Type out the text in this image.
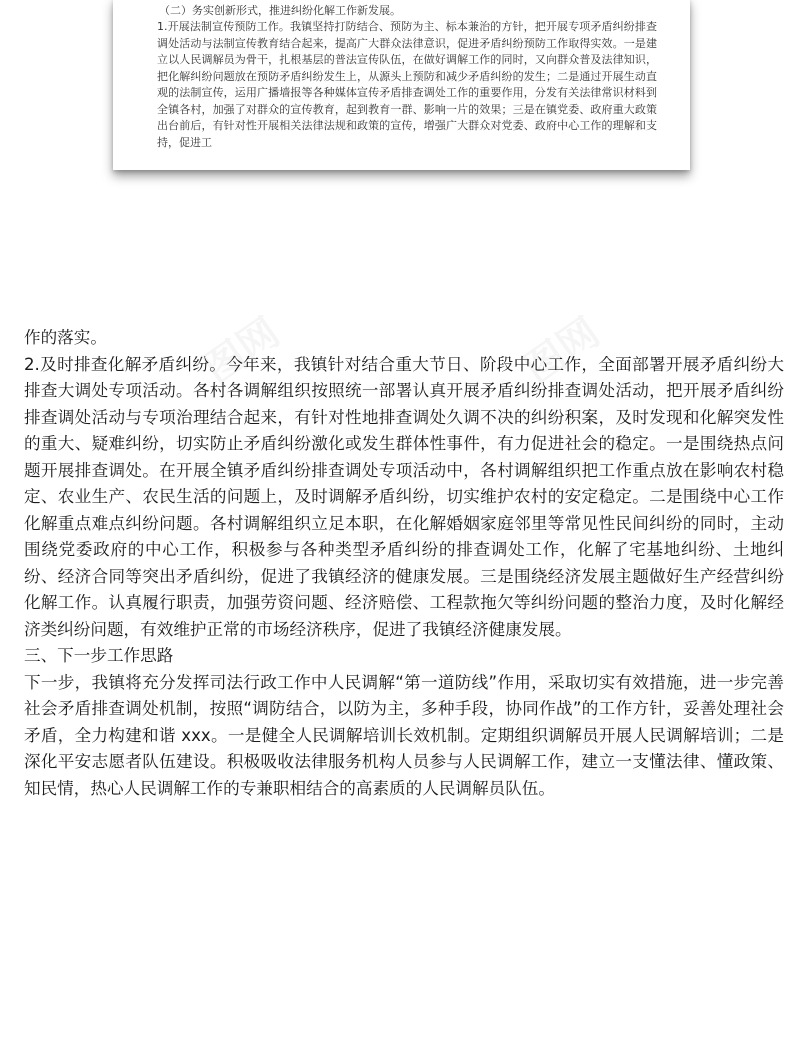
（二）务实创新形式，推进纠纷化解工作新发展。

1.开展法制宣传预防工作。我镇坚持打防结合、预防为主、标本兼治的方针，把开展专项矛盾纠纷排查调处活动与法制宣传教育结合起来，提高广大群众法律意识，促进矛盾纠纷预防工作取得实效。一是建立以人民调解员为骨干，扎根基层的普法宣传队伍，在做好调解工作的同时，又向群众普及法律知识，把化解纠纷问题放在预防矛盾纠纷发生上，从源头上预防和减少矛盾纠纷的发生；二是通过开展生动直观的法制宣传，运用广播墙报等各种媒体宣传矛盾排查调处工作的重要作用，分发有关法律常识材料到全镇各村，加强了对群众的宣传教育，起到教育一群、影响一片的效果；三是在镇党委、政府重大政策出台前后，有针对性开展相关法律法规和政策的宣传，增强广大群众对党委、政府中心工作的理解和支持，促进工

图网	图网

作的落实。

2.及时排查化解矛盾纠纷。今年来，我镇针对结合重大节日、阶段中心工作，全面部署开展矛盾纠纷大排查大调处专项活动。各村各调解组织按照统一部署认真开展矛盾纠纷排查调处活动，把开展矛盾纠纷排查调处活动与专项治理结合起来，有针对性地排查调处久调不决的纠纷积案，及时发现和化解突发性的重大、疑难纠纷，切实防止矛盾纠纷激化或发生群体性事件，有力促进社会的稳定。一是围绕热点问题开展排查调处。在开展全镇矛盾纠纷排查调处专项活动中，各村调解组织把工作重点放在影响农村稳定、农业生产、农民生活的问题上，及时调解矛盾纠纷，切实维护农村的安定稳定。二是围绕中心工作化解重点难点纠纷问题。各村调解组织立足本职，在化解婚姻家庭邻里等常见性民间纠纷的同时，主动围绕党委政府的中心工作，积极参与各种类型矛盾纠纷的排查调处工作，化解了宅基地纠纷、土地纠纷、经济合同等突出矛盾纠纷，促进了我镇经济的健康发展。三是围绕经济发展主题做好生产经营纠纷化解工作。认真履行职责，加强劳资问题、经济赔偿、工程款拖欠等纠纷问题的整治力度，及时化解经济类纠纷问题，有效维护正常的市场经济秩序，促进了我镇经济健康发展。

三、下一步工作思路

下一步，我镇将充分发挥司法行政工作中人民调解“第一道防线”作用，采取切实有效措施，进一步完善社会矛盾排查调处机制，按照“调防结合，以防为主，多种手段，协同作战”的工作方针，妥善处理社会矛盾，全力构建和谐 xxx。一是健全人民调解培训长效机制。定期组织调解员开展人民调解培训；二是深化平安志愿者队伍建设。积极吸收法律服务机构人员参与人民调解工作，建立一支懂法律、懂政策、知民情，热心人民调解工作的专兼职相结合的高素质的人民调解员队伍。
